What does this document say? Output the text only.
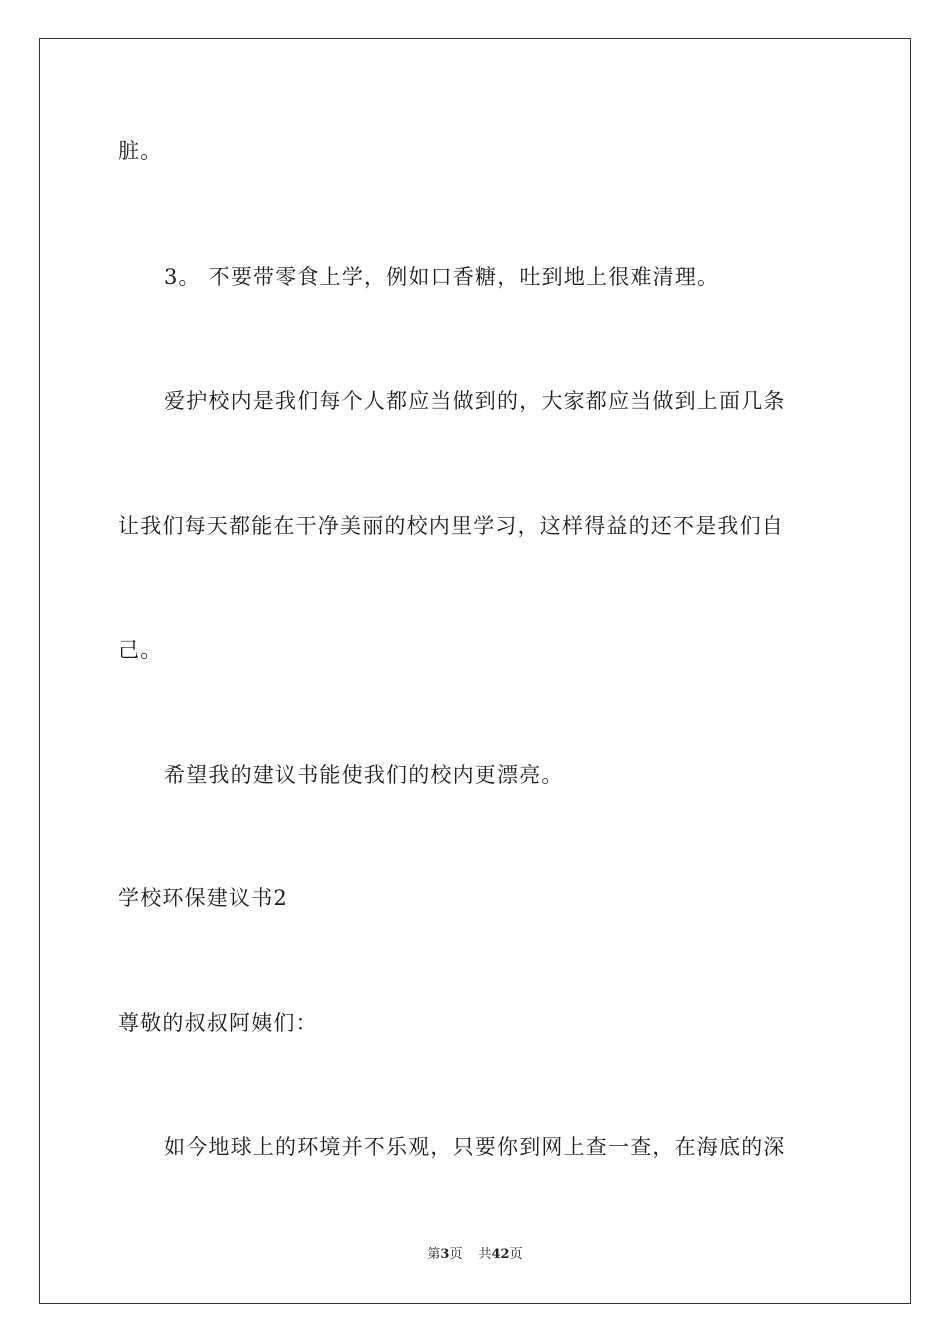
脏。
3。 不要带零食上学，例如口香糖，吐到地上很难清理。
爱护校内是我们每个人都应当做到的，大家都应当做到上面几条
让我们每天都能在干净美丽的校内里学习，这样得益的还不是我们自
己。
希望我的建议书能使我们的校内更漂亮。
学校环保建议书2
尊敬的叔叔阿姨们：
如今地球上的环境并不乐观，只要你到网上查一查，在海底的深
第3页 共42页
